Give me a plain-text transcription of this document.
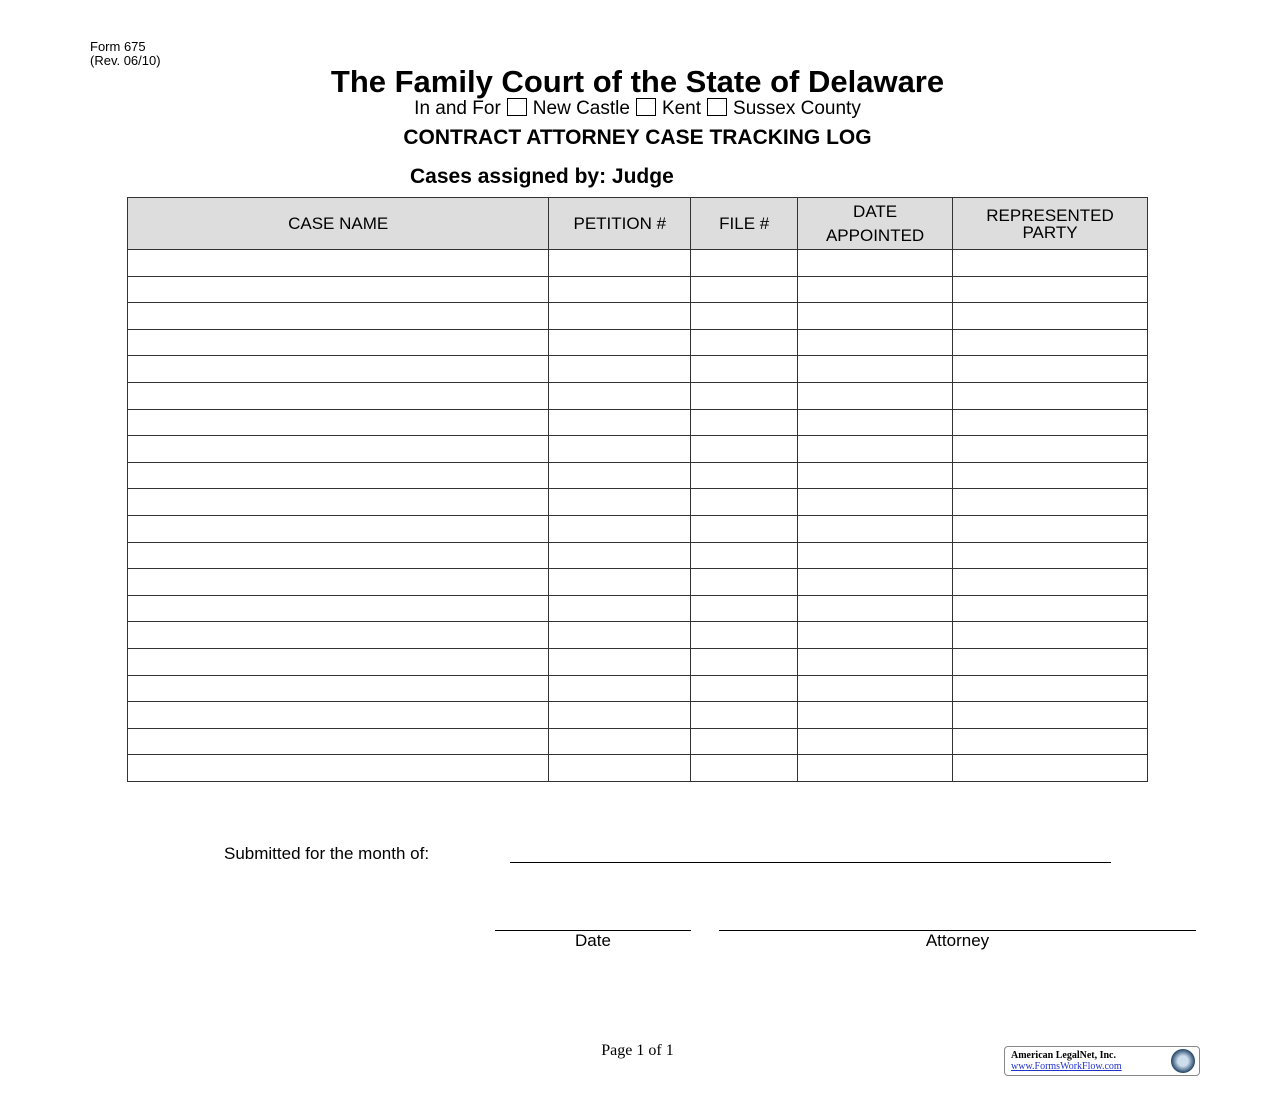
Form 675
(Rev. 06/10)
The Family Court of the State of Delaware
In and For New Castle Kent Sussex County
CONTRACT ATTORNEY CASE TRACKING LOG
Cases assigned by: Judge
CASE NAME	PETITION #	FILE #	DATE APPOINTED	REPRESENTED PARTY

Submitted for the month of:
Date	Attorney
Page 1 of 1	American LegalNet, Inc.
www.FormsWorkFlow.com
